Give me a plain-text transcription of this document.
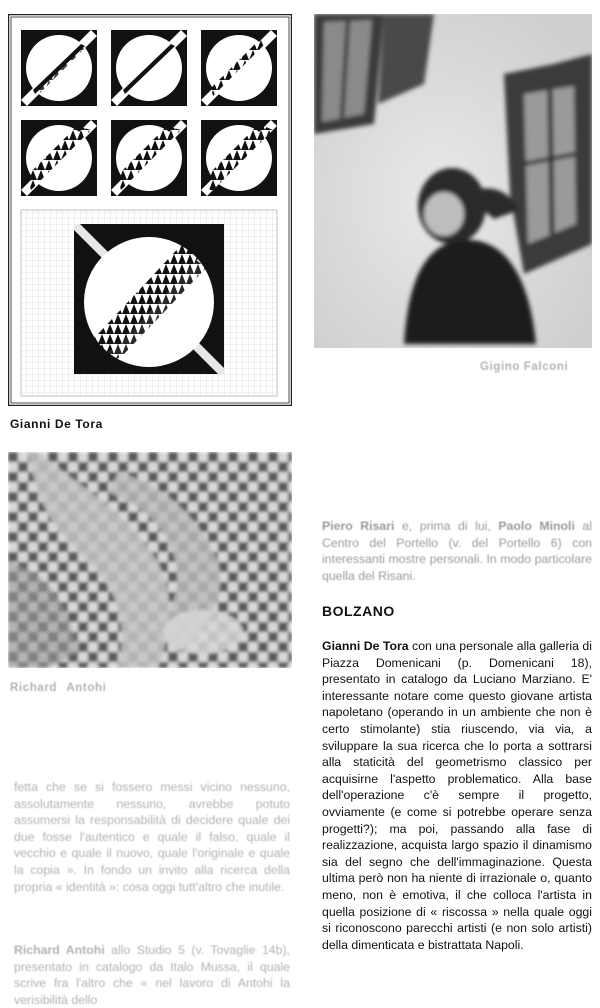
Gianni De Tora
Gigino Falconi
Richard Antohi
Piero Risari e, prima di lui, Paolo Minoli al Centro del Portello (v. del Portello 6) con interessanti mostre personali. In modo particolare quella del Risani.
BOLZANO
Gianni De Tora con una personale alla galleria di Piazza Domenicani (p. Domenicani 18), presentato in catalogo da Luciano Marziano. E' interessante notare come questo giovane artista napoletano (operando in un ambiente che non è certo stimolante) stia riuscendo, via via, a sviluppare la sua ricerca che lo porta a sottrarsi alla staticità del geometrismo classico per acquisirne l'aspetto problematico. Alla base dell'operazione c'è sempre il progetto, ovviamente (e come si potrebbe operare senza progetti?); ma poi, passando alla fase di realizzazione, acquista largo spazio il dinamismo sia del segno che dell'immaginazione. Questa ultima però non ha niente di irrazionale o, quanto meno, non è emotiva, il che colloca l'artista in quella posizione di « riscossa » nella quale oggi si riconoscono parecchi artisti (e non solo artisti) della dimenticata e bistrattata Napoli.
fetta che se si fossero messi vicino nessuno, assolutamente nessuno, avrebbe potuto assumersi la responsabilità di decidere quale dei due fosse l'autentico e quale il falso, quale il vecchio e quale il nuovo, quale l'originale e quale la copia ». In fondo un invito alla ricerca della propria « identità »: cosa oggi tutt'altro che inutile.
Richard Antohi allo Studio 5 (v. Tovaglie 14b), presentato in catalogo da Italo Mussa, il quale scrive fra l'altro che « nel lavoro di Antohi la verisibilità dello
